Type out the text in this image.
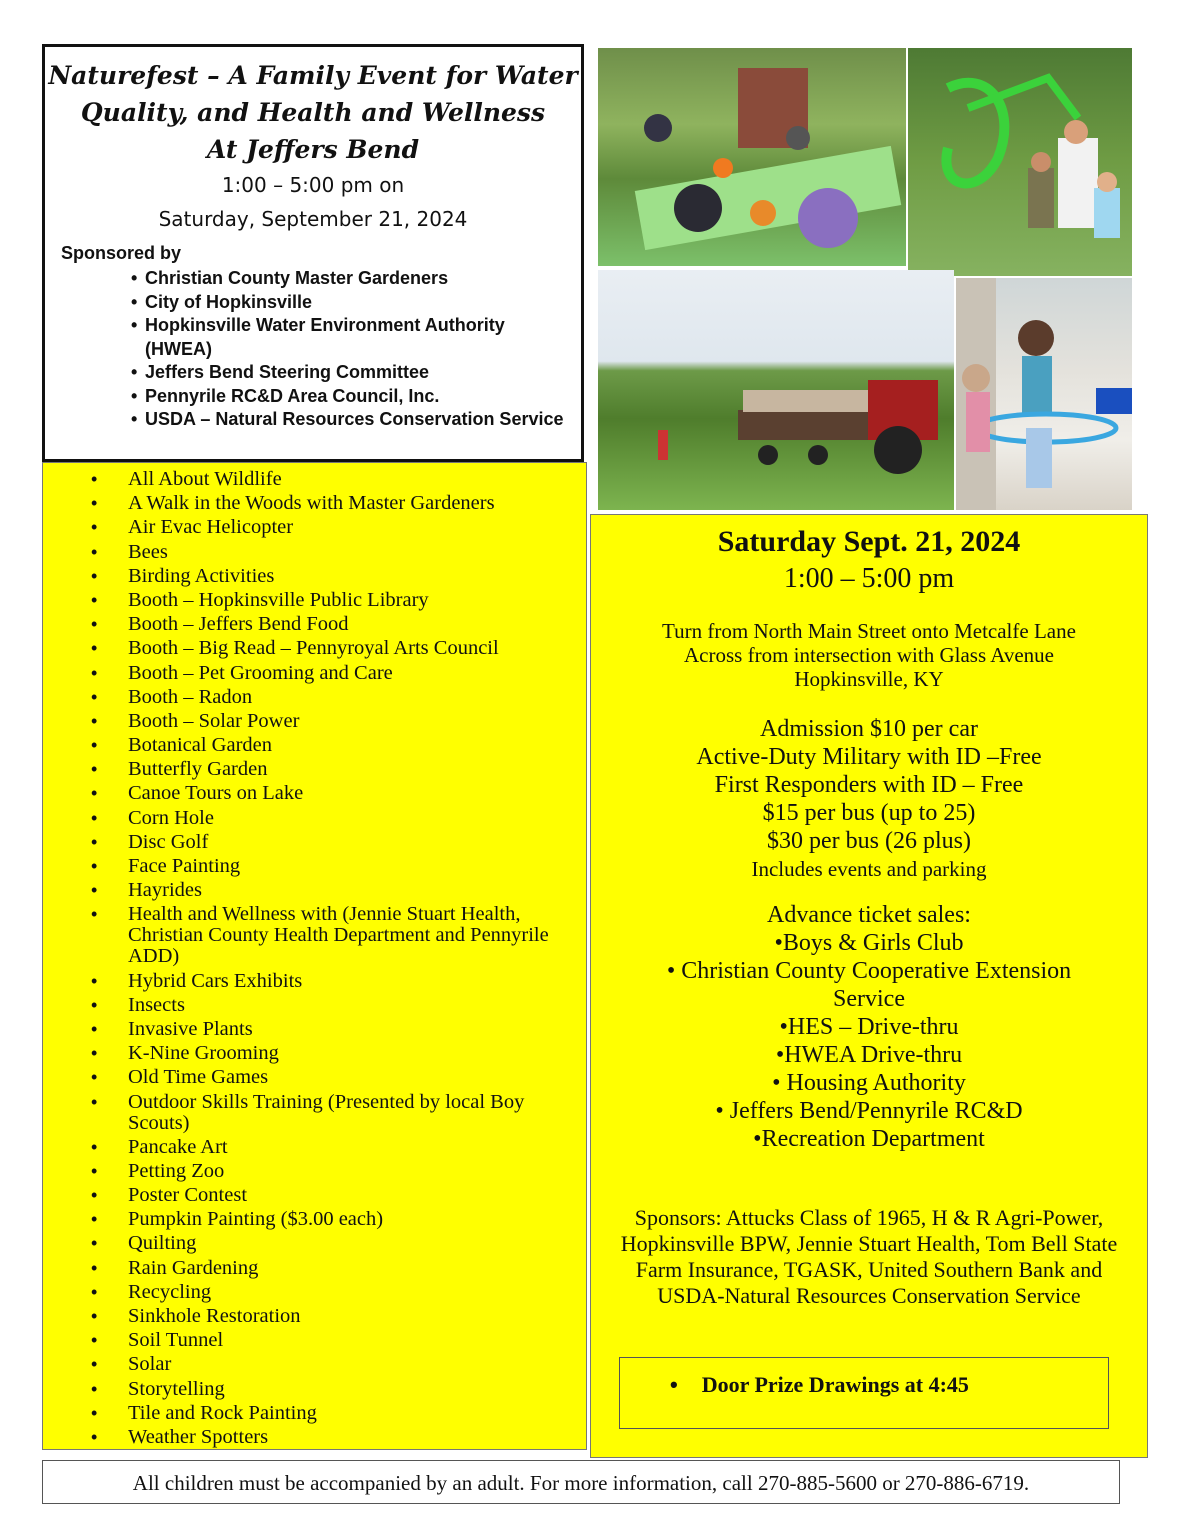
Naturefest – A Family Event for Water
Quality, and Health and Wellness
At Jeffers Bend
1:00 – 5:00 pm on
Saturday, September 21, 2024
Sponsored by
• Christian County Master Gardeners
• City of Hopkinsville
• Hopkinsville Water Environment Authority (HWEA)
• Jeffers Bend Steering Committee
• Pennyrile RC&D Area Council, Inc.
• USDA – Natural Resources Conservation Service
• All About Wildlife
• A Walk in the Woods with Master Gardeners
• Air Evac Helicopter
• Bees
• Birding Activities
• Booth – Hopkinsville Public Library
• Booth – Jeffers Bend Food
• Booth – Big Read – Pennyroyal Arts Council
• Booth – Pet Grooming and Care
• Booth – Radon
• Booth – Solar Power
• Botanical Garden
• Butterfly Garden
• Canoe Tours on Lake
• Corn Hole
• Disc Golf
• Face Painting
• Hayrides
• Health and Wellness with (Jennie Stuart Health, Christian County Health Department and Pennyrile ADD)
• Hybrid Cars Exhibits
• Insects
• Invasive Plants
• K-Nine Grooming
• Old Time Games
• Outdoor Skills Training (Presented by local Boy Scouts)
• Pancake Art
• Petting Zoo
• Poster Contest
• Pumpkin Painting ($3.00 each)
• Quilting
• Rain Gardening
• Recycling
• Sinkhole Restoration
• Soil Tunnel
• Solar
• Storytelling
• Tile and Rock Painting
• Weather Spotters
Saturday Sept. 21, 2024
1:00 – 5:00 pm
Turn from North Main Street onto Metcalfe Lane
Across from intersection with Glass Avenue
Hopkinsville, KY
Admission $10 per car
Active-Duty Military with ID –Free
First Responders with ID – Free
$15 per bus (up to 25)
$30 per bus (26 plus)
Includes events and parking
Advance ticket sales:
•Boys & Girls Club
• Christian County Cooperative Extension Service
•HES – Drive-thru
•HWEA Drive-thru
• Housing Authority
• Jeffers Bend/Pennyrile RC&D
•Recreation Department
Sponsors: Attucks Class of 1965, H & R Agri-Power, Hopkinsville BPW, Jennie Stuart Health, Tom Bell State Farm Insurance, TGASK, United Southern Bank and USDA-Natural Resources Conservation Service
• Door Prize Drawings at 4:45
All children must be accompanied by an adult. For more information, call 270-885-5600 or 270-886-6719.
